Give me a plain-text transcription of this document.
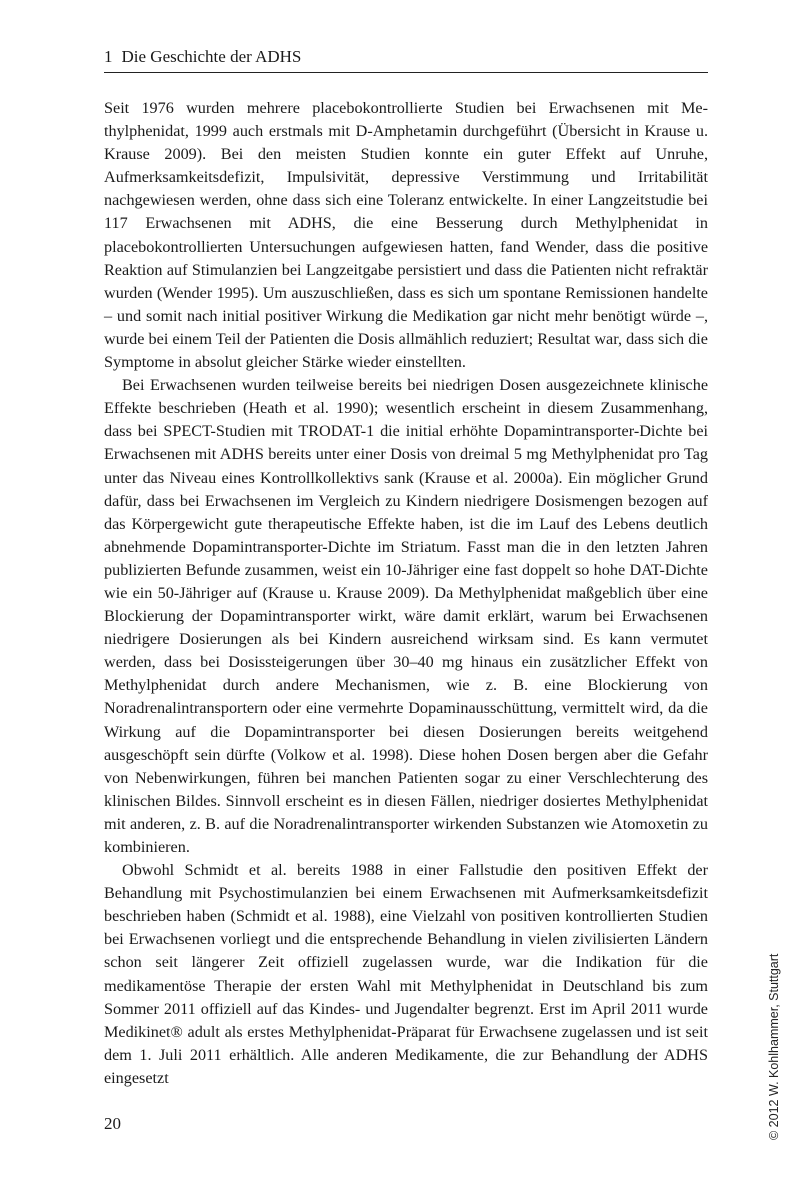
1 Die Geschichte der ADHS

Seit 1976 wurden mehrere placebokontrollierte Studien bei Erwachsenen mit Methylphenidat, 1999 auch erstmals mit D-Amphetamin durchgeführt (Übersicht in Krause u. Krause 2009). Bei den meisten Studien konnte ein guter Effekt auf Unruhe, Aufmerksamkeitsdefizit, Impulsivität, depressive Verstimmung und Irritabilität nachgewiesen werden, ohne dass sich eine Toleranz entwickelte. In einer Langzeitstudie bei 117 Erwachsenen mit ADHS, die eine Besserung durch Methylphenidat in placebokontrollierten Untersuchungen aufgewiesen hatten, fand Wender, dass die positive Reaktion auf Stimulanzien bei Langzeitgabe persistiert und dass die Patienten nicht refraktär wurden (Wender 1995). Um auszuschließen, dass es sich um spontane Remissionen handelte – und somit nach initial positiver Wirkung die Medikation gar nicht mehr benötigt würde –, wurde bei einem Teil der Patienten die Dosis allmählich reduziert; Resultat war, dass sich die Symptome in absolut gleicher Stärke wieder einstellten.

Bei Erwachsenen wurden teilweise bereits bei niedrigen Dosen ausgezeichnete klinische Effekte beschrieben (Heath et al. 1990); wesentlich erscheint in diesem Zusammenhang, dass bei SPECT-Studien mit TRODAT-1 die initial erhöhte Dopamintransporter-Dichte bei Erwachsenen mit ADHS bereits unter einer Dosis von dreimal 5 mg Methylphenidat pro Tag unter das Niveau eines Kontrollkollektivs sank (Krause et al. 2000a). Ein möglicher Grund dafür, dass bei Erwachsenen im Vergleich zu Kindern niedrigere Dosismengen bezogen auf das Körpergewicht gute therapeutische Effekte haben, ist die im Lauf des Lebens deutlich abnehmende Dopamintransporter-Dichte im Striatum. Fasst man die in den letzten Jahren publizierten Befunde zusammen, weist ein 10-Jähriger eine fast doppelt so hohe DAT-Dichte wie ein 50-Jähriger auf (Krause u. Krause 2009). Da Methylphenidat maßgeblich über eine Blockierung der Dopamintransporter wirkt, wäre damit erklärt, warum bei Erwachsenen niedrigere Dosierungen als bei Kindern ausreichend wirksam sind. Es kann vermutet werden, dass bei Dosissteigerungen über 30–40 mg hinaus ein zusätzlicher Effekt von Methylphenidat durch andere Mechanismen, wie z. B. eine Blockierung von Noradrenalintransportern oder eine vermehrte Dopaminausschüttung, vermittelt wird, da die Wirkung auf die Dopamintransporter bei diesen Dosierungen bereits weitgehend ausgeschöpft sein dürfte (Volkow et al. 1998). Diese hohen Dosen bergen aber die Gefahr von Nebenwirkungen, führen bei manchen Patienten sogar zu einer Verschlechterung des klinischen Bildes. Sinnvoll erscheint es in diesen Fällen, niedriger dosiertes Methylphenidat mit anderen, z. B. auf die Noradrenalintransporter wirkenden Substanzen wie Atomoxetin zu kombinieren.

Obwohl Schmidt et al. bereits 1988 in einer Fallstudie den positiven Effekt der Behandlung mit Psychostimulanzien bei einem Erwachsenen mit Aufmerksamkeitsdefizit beschrieben haben (Schmidt et al. 1988), eine Vielzahl von positiven kontrollierten Studien bei Erwachsenen vorliegt und die entsprechende Behandlung in vielen zivilisierten Ländern schon seit längerer Zeit offiziell zugelassen wurde, war die Indikation für die medikamentöse Therapie der ersten Wahl mit Methylphenidat in Deutschland bis zum Sommer 2011 offiziell auf das Kindes- und Jugendalter begrenzt. Erst im April 2011 wurde Medikinet® adult als erstes Methylphenidat-Präparat für Erwachsene zugelassen und ist seit dem 1. Juli 2011 erhältlich. Alle anderen Medikamente, die zur Behandlung der ADHS eingesetzt

20	© 2012 W. Kohlhammer, Stuttgart
